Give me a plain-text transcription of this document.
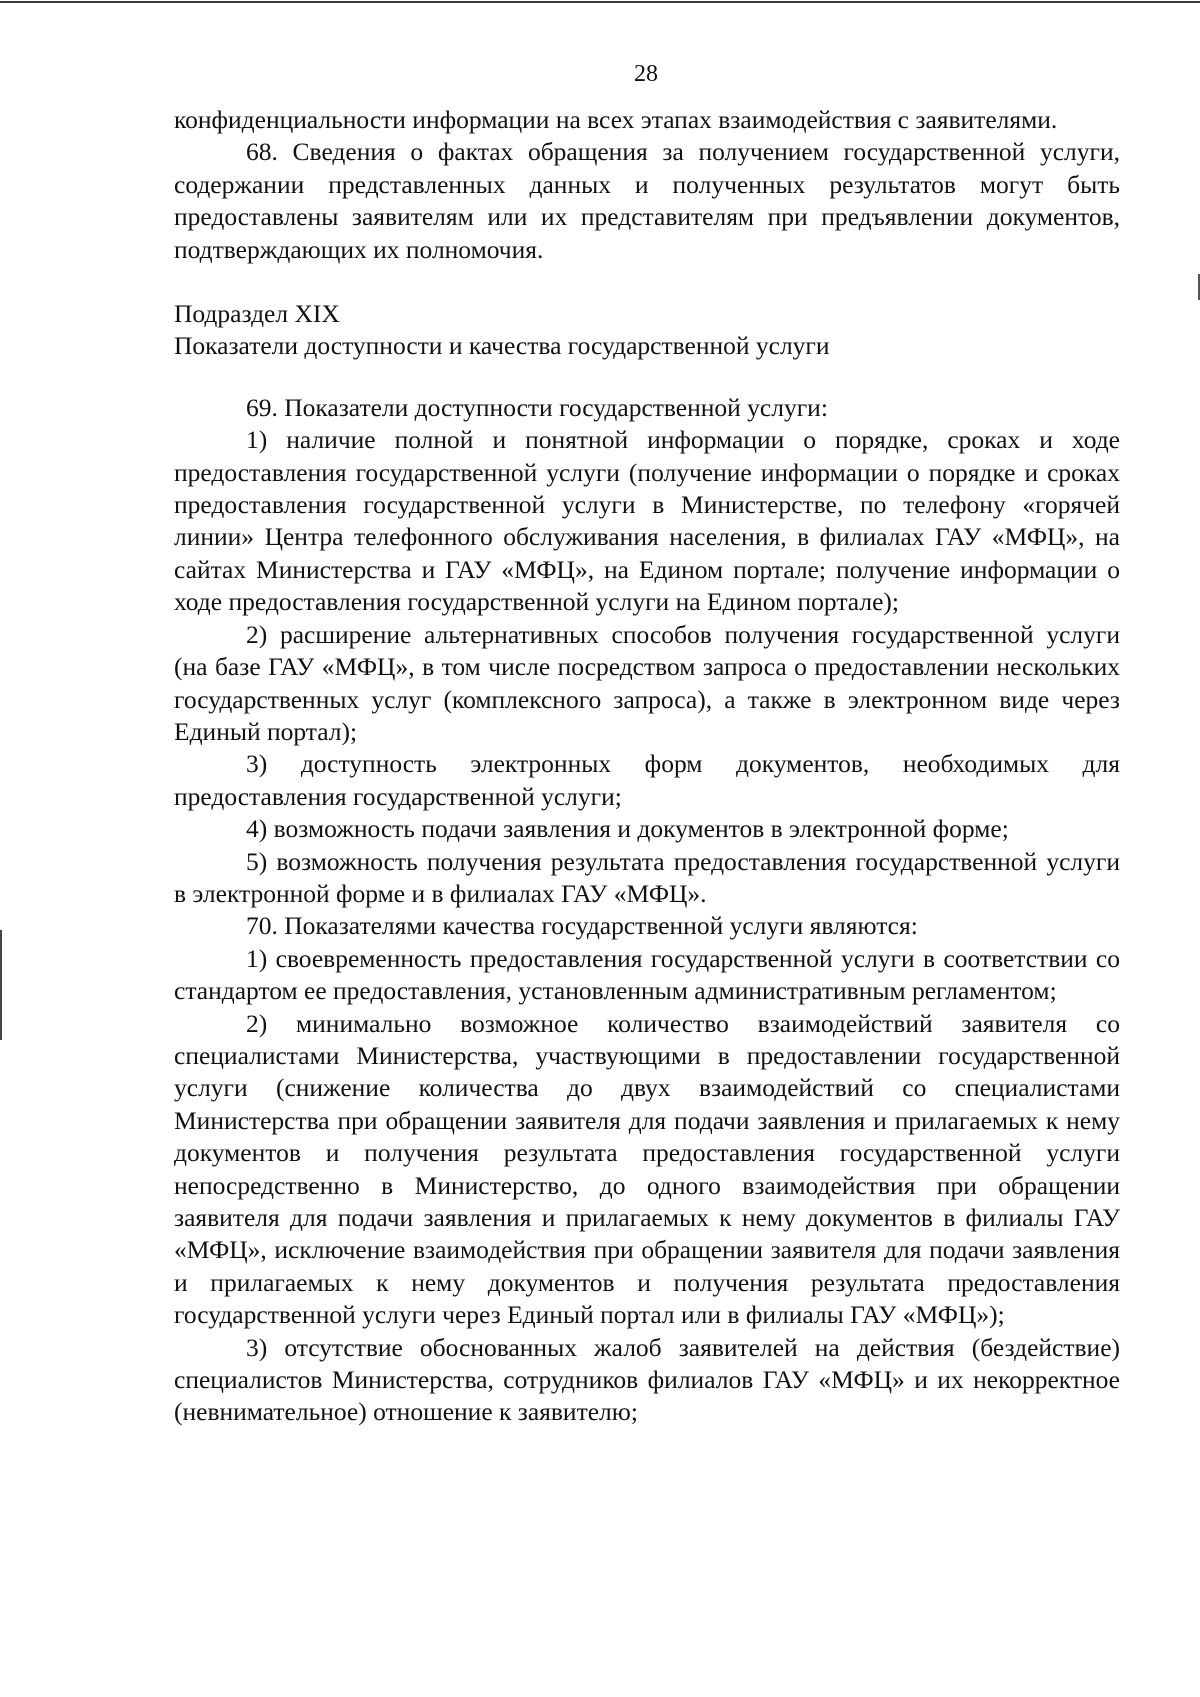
28

конфиденциальности информации на всех этапах взаимодействия с заявителями.

68. Сведения о фактах обращения за получением государственной услуги, содержании представленных данных и полученных результатов могут быть предоставлены заявителям или их представителям при предъявлении документов, подтверждающих их полномочия.

Подраздел XIX

Показатели доступности и качества государственной услуги

69. Показатели доступности государственной услуги:

1) наличие полной и понятной информации о порядке, сроках и ходе предоставления государственной услуги (получение информации о порядке и сроках предоставления государственной услуги в Министерстве, по телефону «горячей линии» Центра телефонного обслуживания населения, в филиалах ГАУ «МФЦ», на сайтах Министерства и ГАУ «МФЦ», на Едином портале; получение информации о ходе предоставления государственной услуги на Едином портале);

2) расширение альтернативных способов получения государственной услуги (на базе ГАУ «МФЦ», в том числе посредством запроса о предоставлении нескольких государственных услуг (комплексного запроса), а также в электронном виде через Единый портал);

3) доступность электронных форм документов, необходимых для предоставления государственной услуги;

4) возможность подачи заявления и документов в электронной форме;

5) возможность получения результата предоставления государственной услуги в электронной форме и в филиалах ГАУ «МФЦ».

70. Показателями качества государственной услуги являются:

1) своевременность предоставления государственной услуги в соответствии со стандартом ее предоставления, установленным административным регламентом;

2) минимально возможное количество взаимодействий заявителя со специалистами Министерства, участвующими в предоставлении государственной услуги (снижение количества до двух взаимодействий со специалистами Министерства при обращении заявителя для подачи заявления и прилагаемых к нему документов и получения результата предоставления государственной услуги непосредственно в Министерство, до одного взаимодействия при обращении заявителя для подачи заявления и прилагаемых к нему документов в филиалы ГАУ «МФЦ», исключение взаимодействия при обращении заявителя для подачи заявления и прилагаемых к нему документов и получения результата предоставления государственной услуги через Единый портал или в филиалы ГАУ «МФЦ»);

3) отсутствие обоснованных жалоб заявителей на действия (бездействие) специалистов Министерства, сотрудников филиалов ГАУ «МФЦ» и их некорректное (невнимательное) отношение к заявителю;
